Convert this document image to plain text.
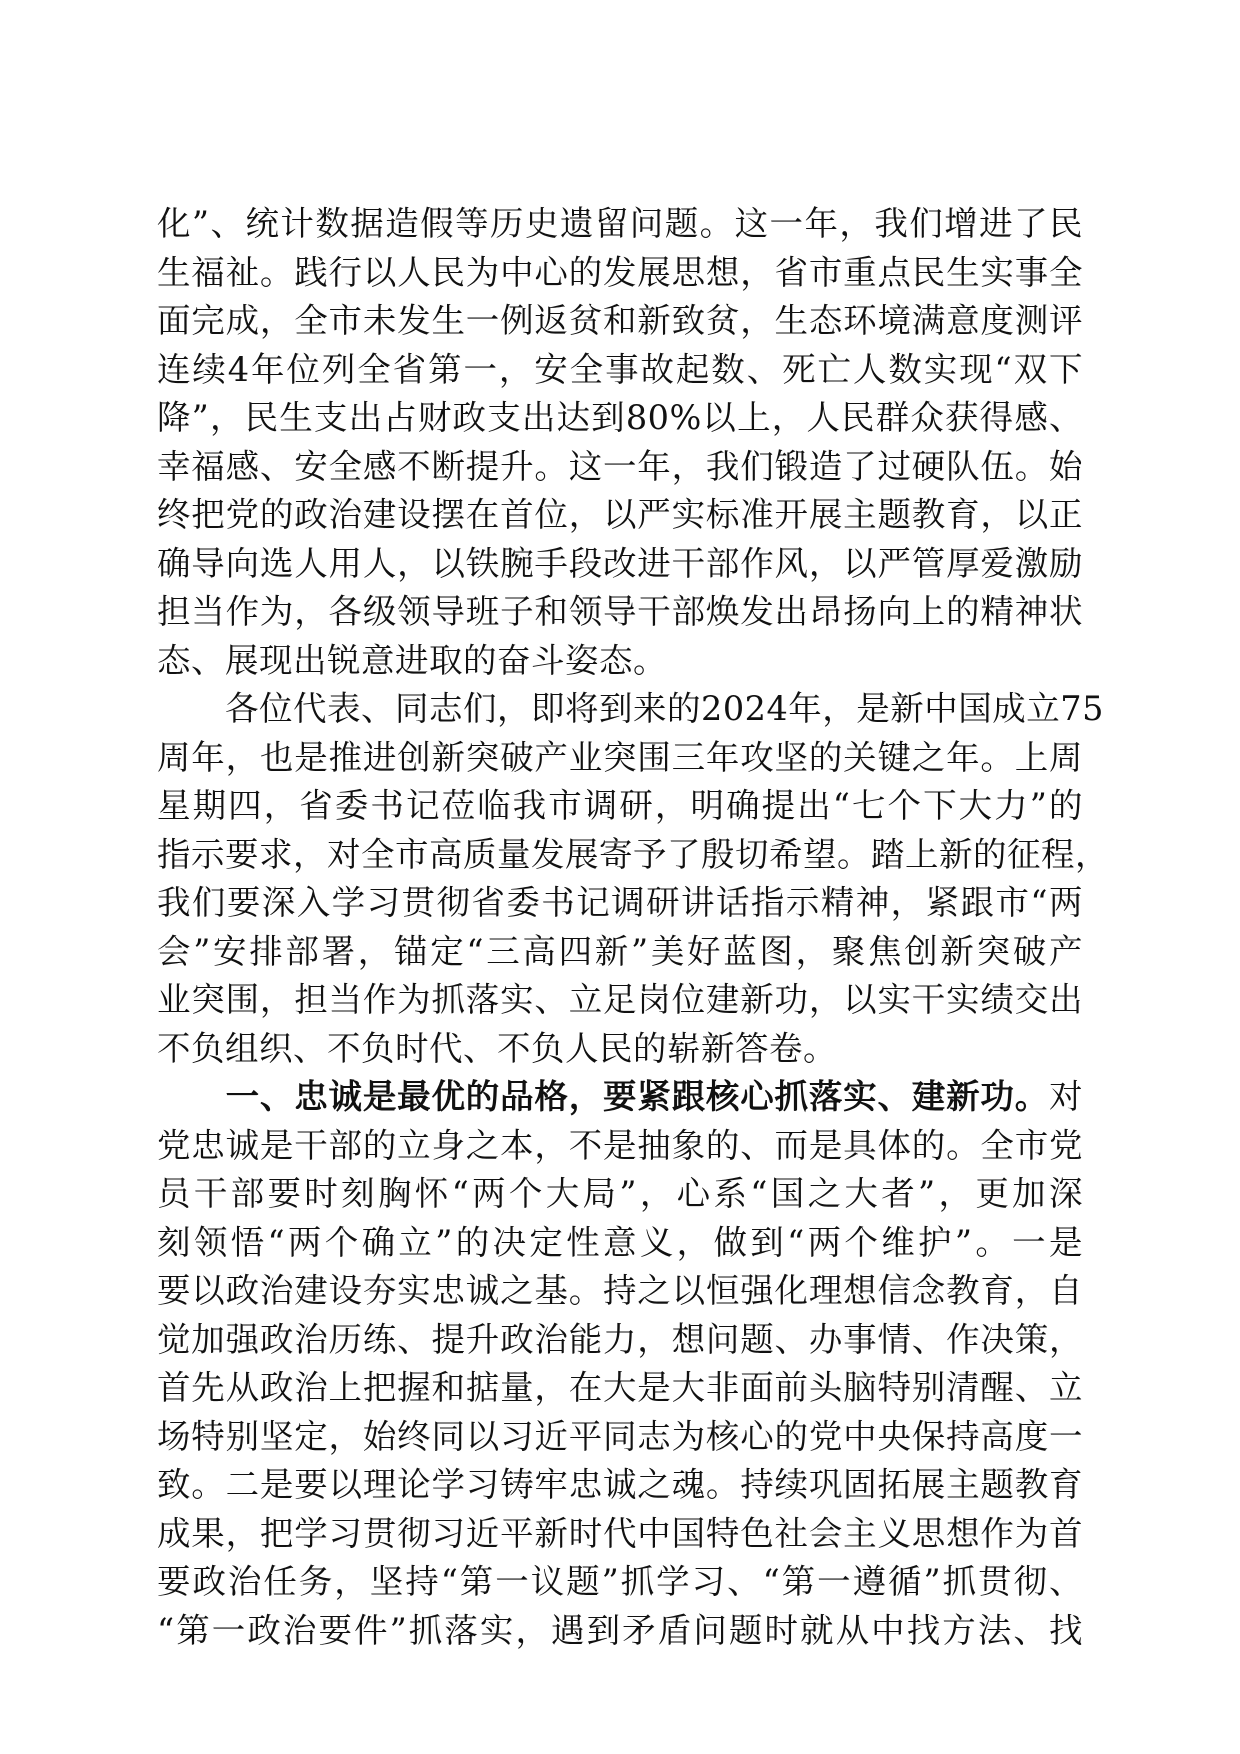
化”、统计数据造假等历史遗留问题。这一年，我们增进了民
生福祉。践行以人民为中心的发展思想，省市重点民生实事全
面完成，全市未发生一例返贫和新致贫，生态环境满意度测评
连续4年位列全省第一，安全事故起数、死亡人数实现“双下
降”，民生支出占财政支出达到80%以上，人民群众获得感、
幸福感、安全感不断提升。这一年，我们锻造了过硬队伍。始
终把党的政治建设摆在首位，以严实标准开展主题教育，以正
确导向选人用人，以铁腕手段改进干部作风，以严管厚爱激励
担当作为，各级领导班子和领导干部焕发出昂扬向上的精神状
态、展现出锐意进取的奋斗姿态。
　　各位代表、同志们，即将到来的2024年，是新中国成立75
周年，也是推进创新突破产业突围三年攻坚的关键之年。上周
星期四，省委书记莅临我市调研，明确提出“七个下大力”的
指示要求，对全市高质量发展寄予了殷切希望。踏上新的征程，
我们要深入学习贯彻省委书记调研讲话指示精神，紧跟市“两
会”安排部署，锚定“三高四新”美好蓝图，聚焦创新突破产
业突围，担当作为抓落实、立足岗位建新功，以实干实绩交出
不负组织、不负时代、不负人民的崭新答卷。
　　一、忠诚是最优的品格，要紧跟核心抓落实、建新功。对
党忠诚是干部的立身之本，不是抽象的、而是具体的。全市党
员干部要时刻胸怀“两个大局”，心系“国之大者”，更加深
刻领悟“两个确立”的决定性意义，做到“两个维护”。一是
要以政治建设夯实忠诚之基。持之以恒强化理想信念教育，自
觉加强政治历练、提升政治能力，想问题、办事情、作决策，
首先从政治上把握和掂量，在大是大非面前头脑特别清醒、立
场特别坚定，始终同以习近平同志为核心的党中央保持高度一
致。二是要以理论学习铸牢忠诚之魂。持续巩固拓展主题教育
成果，把学习贯彻习近平新时代中国特色社会主义思想作为首
要政治任务，坚持“第一议题”抓学习、“第一遵循”抓贯彻、
“第一政治要件”抓落实，遇到矛盾问题时就从中找方法、找
